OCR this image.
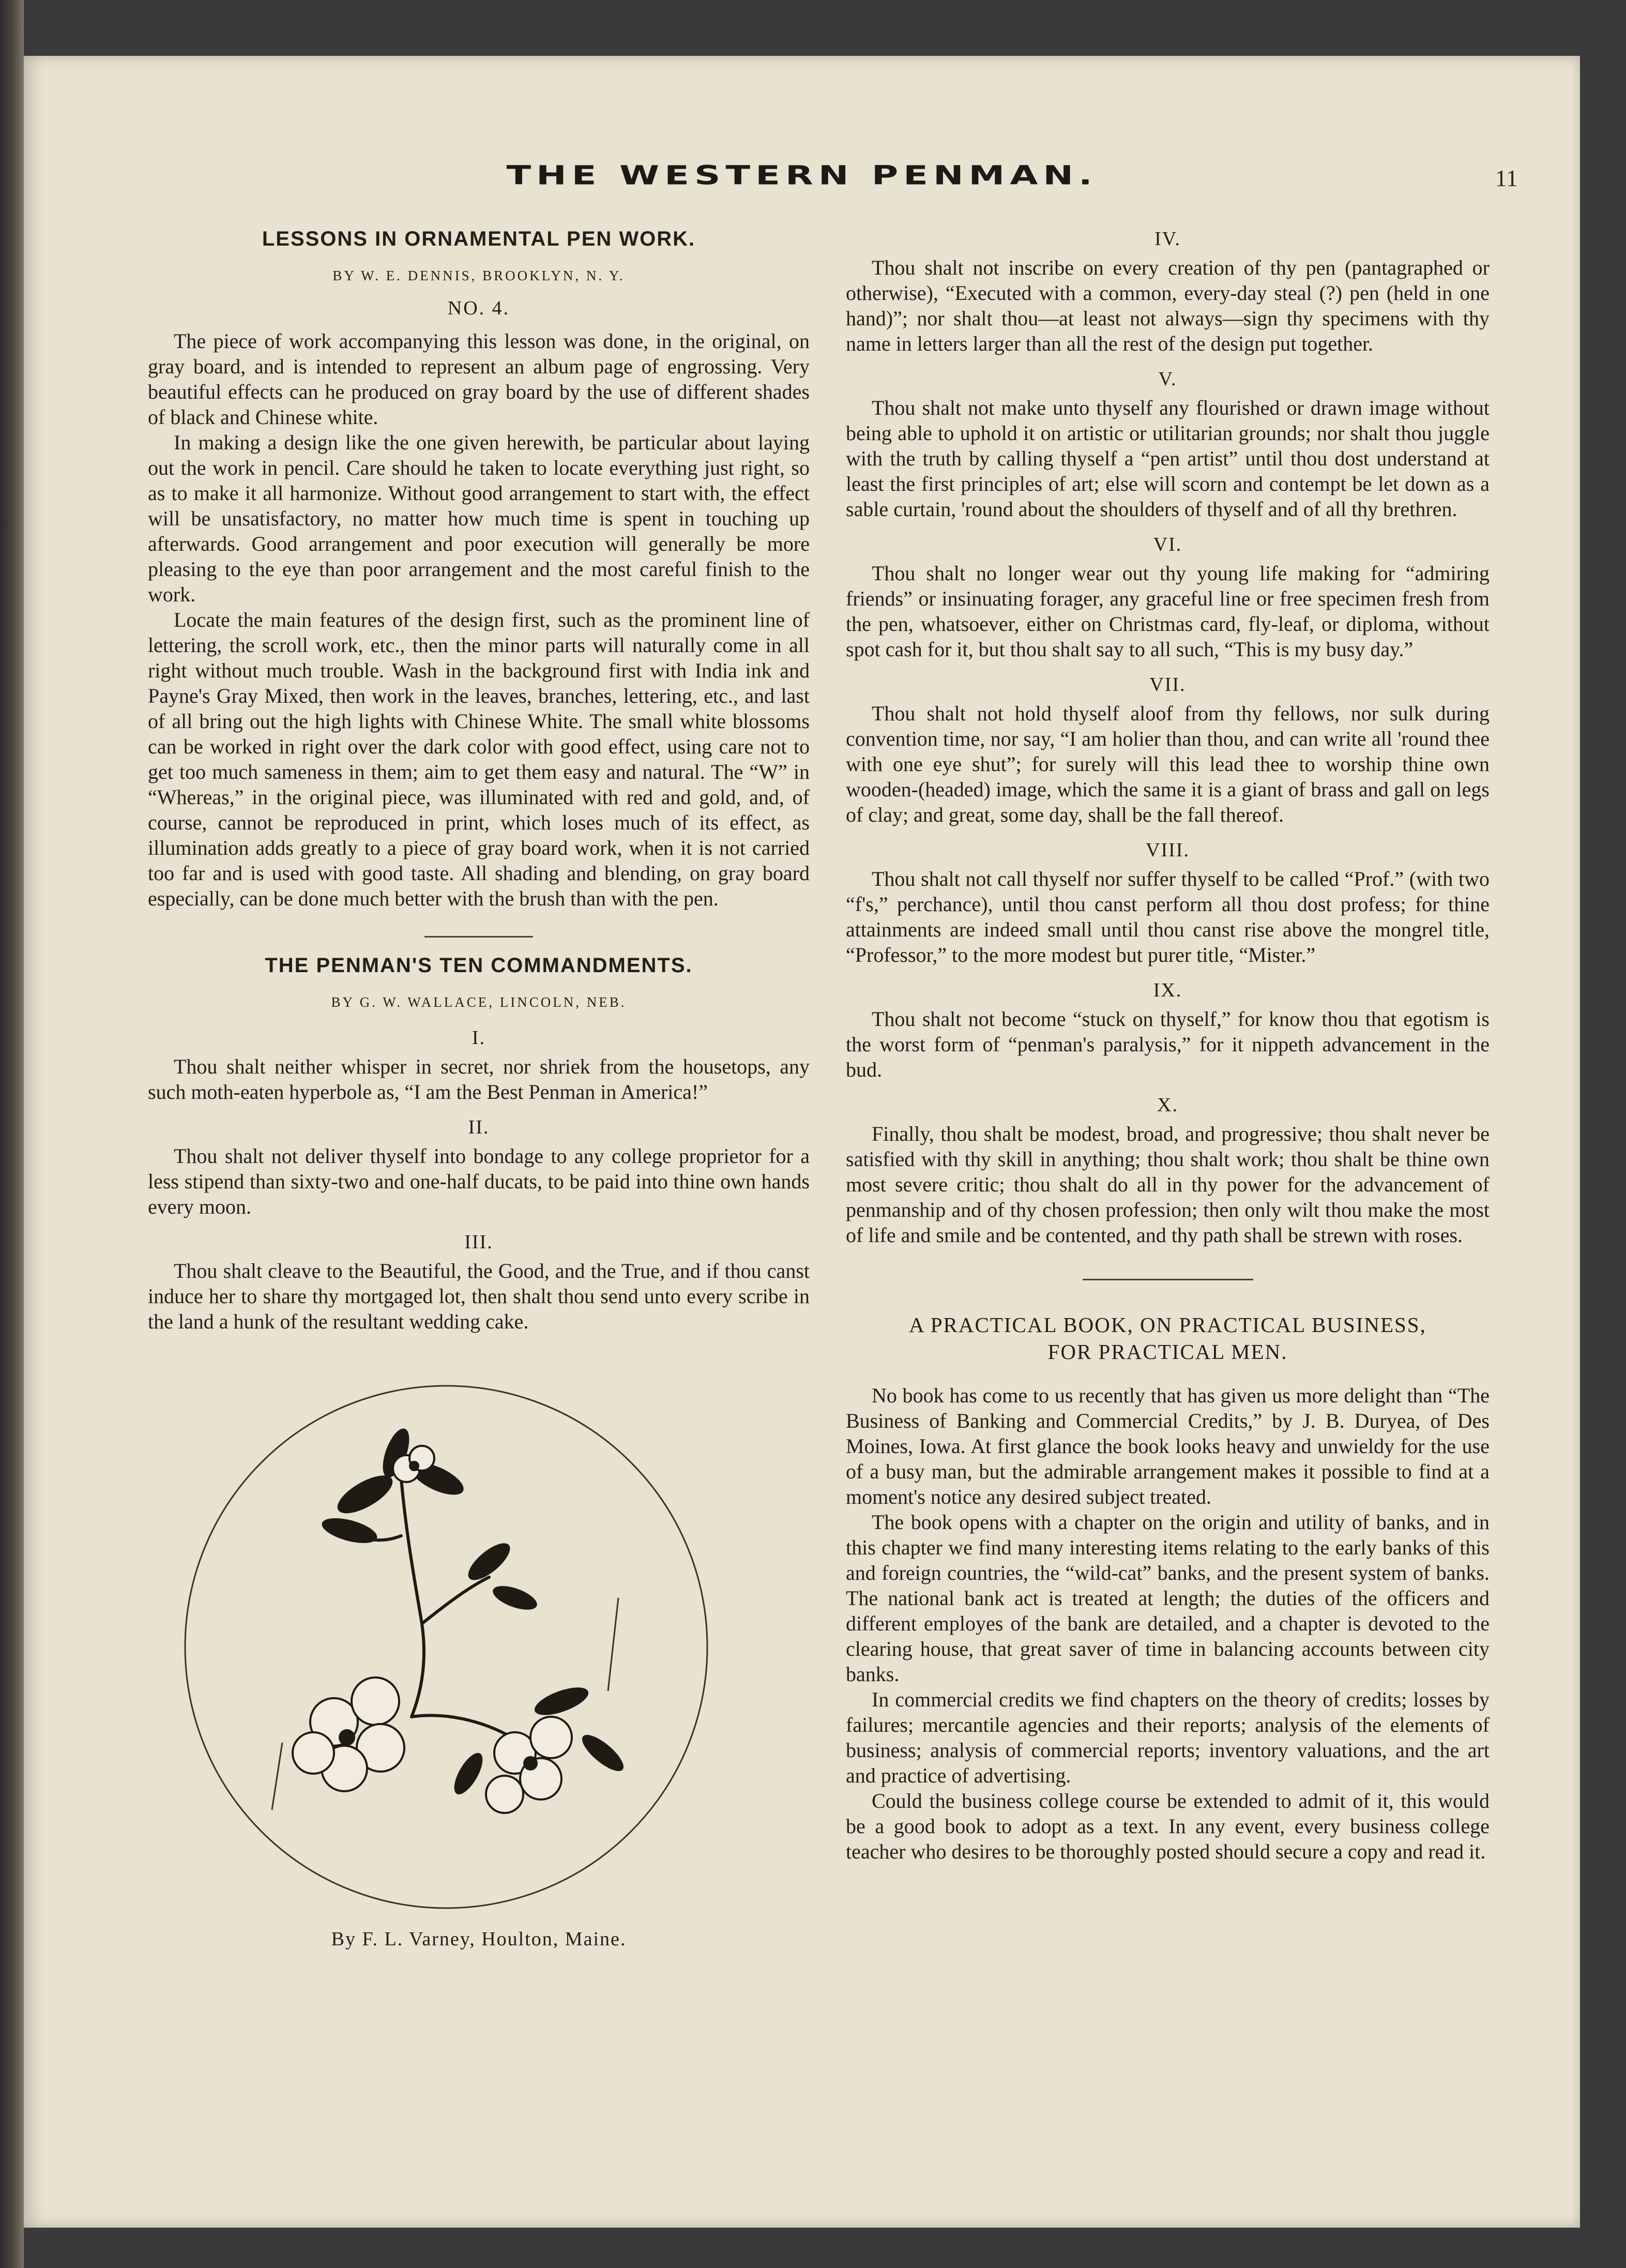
THE WESTERN PENMAN.	11
LESSONS IN ORNAMENTAL PEN WORK.
BY W. E. DENNIS, BROOKLYN, N. Y.
NO. 4.

The piece of work accompanying this lesson was done, in the original, on gray board, and is intended to represent an album page of engrossing. Very beautiful effects can he produced on gray board by the use of different shades of black and Chinese white.

In making a design like the one given herewith, be particular about laying out the work in pencil. Care should he taken to locate everything just right, so as to make it all harmonize. Without good arrangement to start with, the effect will be unsatisfactory, no matter how much time is spent in touching up afterwards. Good arrangement and poor execution will generally be more pleasing to the eye than poor arrangement and the most careful finish to the work.

Locate the main features of the design first, such as the prominent line of lettering, the scroll work, etc., then the minor parts will naturally come in all right without much trouble. Wash in the background first with India ink and Payne's Gray Mixed, then work in the leaves, branches, lettering, etc., and last of all bring out the high lights with Chinese White. The small white blossoms can be worked in right over the dark color with good effect, using care not to get too much sameness in them; aim to get them easy and natural. The “W” in “Whereas,” in the original piece, was illuminated with red and gold, and, of course, cannot be reproduced in print, which loses much of its effect, as illumination adds greatly to a piece of gray board work, when it is not carried too far and is used with good taste. All shading and blending, on gray board especially, can be done much better with the brush than with the pen.

THE PENMAN'S TEN COMMANDMENTS.
BY G. W. WALLACE, LINCOLN, NEB.
I.

Thou shalt neither whisper in secret, nor shriek from the housetops, any such moth-eaten hyperbole as, “I am the Best Penman in America!”

II.

Thou shalt not deliver thyself into bondage to any college proprietor for a less stipend than sixty-two and one-half ducats, to be paid into thine own hands every moon.

III.

Thou shalt cleave to the Beautiful, the Good, and the True, and if thou canst induce her to share thy mortgaged lot, then shalt thou send unto every scribe in the land a hunk of the resultant wedding cake.

By F. L. Varney, Houlton, Maine.
IV.

Thou shalt not inscribe on every creation of thy pen (pantagraphed or otherwise), “Executed with a common, every-day steal (?) pen (held in one hand)”; nor shalt thou—at least not always—sign thy specimens with thy name in letters larger than all the rest of the design put together.

V.

Thou shalt not make unto thyself any flourished or drawn image without being able to uphold it on artistic or utilitarian grounds; nor shalt thou juggle with the truth by calling thyself a “pen artist” until thou dost understand at least the first principles of art; else will scorn and contempt be let down as a sable curtain, 'round about the shoulders of thyself and of all thy brethren.

VI.

Thou shalt no longer wear out thy young life making for “admiring friends” or insinuating forager, any graceful line or free specimen fresh from the pen, whatsoever, either on Christmas card, fly-leaf, or diploma, without spot cash for it, but thou shalt say to all such, “This is my busy day.”

VII.

Thou shalt not hold thyself aloof from thy fellows, nor sulk during convention time, nor say, “I am holier than thou, and can write all 'round thee with one eye shut”; for surely will this lead thee to worship thine own wooden-(headed) image, which the same it is a giant of brass and gall on legs of clay; and great, some day, shall be the fall thereof.

VIII.

Thou shalt not call thyself nor suffer thyself to be called “Prof.” (with two “f's,” perchance), until thou canst perform all thou dost profess; for thine attainments are indeed small until thou canst rise above the mongrel title, “Professor,” to the more modest but purer title, “Mister.”

IX.

Thou shalt not become “stuck on thyself,” for know thou that egotism is the worst form of “penman's paralysis,” for it nippeth advancement in the bud.

X.

Finally, thou shalt be modest, broad, and progressive; thou shalt never be satisfied with thy skill in anything; thou shalt work; thou shalt be thine own most severe critic; thou shalt do all in thy power for the advancement of penmanship and of thy chosen profession; then only wilt thou make the most of life and smile and be contented, and thy path shall be strewn with roses.

A PRACTICAL BOOK, ON PRACTICAL BUSINESS,

FOR PRACTICAL MEN.

No book has come to us recently that has given us more delight than “The Business of Banking and Commercial Credits,” by J. B. Duryea, of Des Moines, Iowa. At first glance the book looks heavy and unwieldy for the use of a busy man, but the admirable arrangement makes it possible to find at a moment's notice any desired subject treated.

The book opens with a chapter on the origin and utility of banks, and in this chapter we find many interesting items relating to the early banks of this and foreign countries, the “wild-cat” banks, and the present system of banks. The national bank act is treated at length; the duties of the officers and different employes of the bank are detailed, and a chapter is devoted to the clearing house, that great saver of time in balancing accounts between city banks.

In commercial credits we find chapters on the theory of credits; losses by failures; mercantile agencies and their reports; analysis of the elements of business; analysis of commercial reports; inventory valuations, and the art and practice of advertising.

Could the business college course be extended to admit of it, this would be a good book to adopt as a text. In any event, every business college teacher who desires to be thoroughly posted should secure a copy and read it.
